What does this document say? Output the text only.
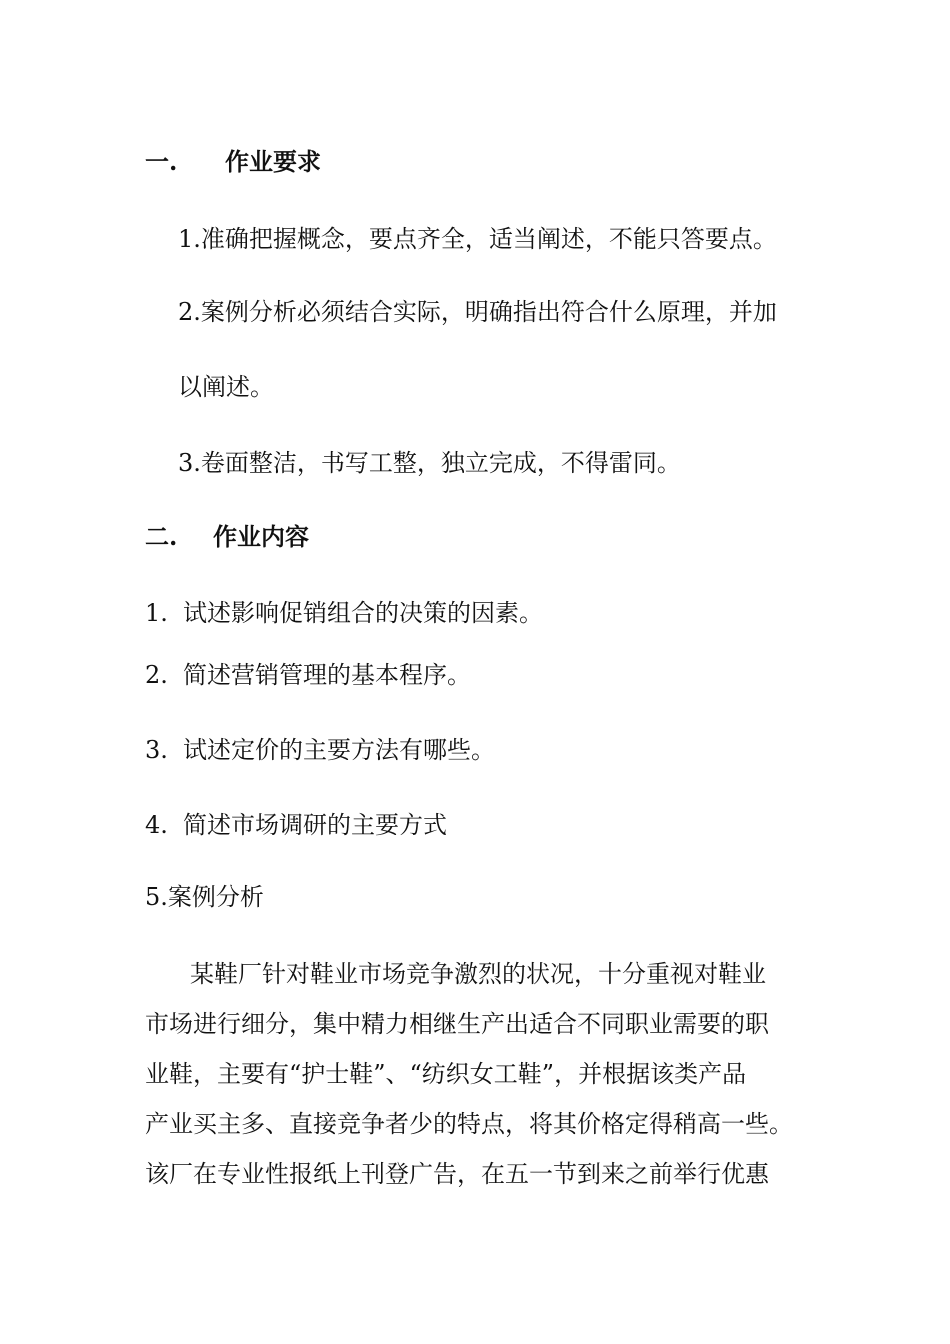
一. 作业要求
1.准确把握概念，要点齐全，适当阐述，不能只答要点。
2.案例分析必须结合实际，明确指出符合什么原理，并加
以阐述。
3.卷面整洁，书写工整，独立完成，不得雷同。
二. 作业内容
1. 试述影响促销组合的决策的因素。
2. 简述营销管理的基本程序。
3. 试述定价的主要方法有哪些。
4. 简述市场调研的主要方式
5.案例分析
某鞋厂针对鞋业市场竞争激烈的状况，十分重视对鞋业
市场进行细分，集中精力相继生产出适合不同职业需要的职
业鞋，主要有“护士鞋”、“纺织女工鞋”，并根据该类产品
产业买主多、直接竞争者少的特点，将其价格定得稍高一些。
该厂在专业性报纸上刊登广告，在五一节到来之前举行优惠
